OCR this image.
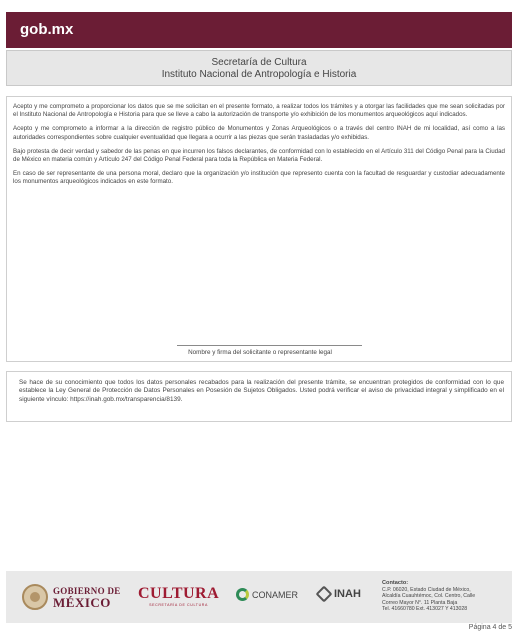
gob.mx
Secretaría de Cultura
Instituto Nacional de Antropología e Historia

Acepto y me comprometo a proporcionar los datos que se me solicitan en el presente formato, a realizar todos los trámites y a otorgar las facilidades que me sean solicitadas por el Instituto Nacional de Antropología e Historia para que se lleve a cabo la autorización de transporte y/o exhibición de los monumentos arqueológicos aquí indicados.

Acepto y me comprometo a informar a la dirección de registro público de Monumentos y Zonas Arqueológicos o a través del centro INAH de mi localidad, así como a las autoridades correspondientes sobre cualquier eventualidad que llegara a ocurrir a las piezas que serán trasladadas y/o exhibidas.

Bajo protesta de decir verdad y sabedor de las penas en que incurren los falsos declarantes, de conformidad con lo establecido en el Artículo 311 del Código Penal para la Ciudad de México en materia común y Artículo 247 del Código Penal Federal para toda la República en Materia Federal.

En caso de ser representante de una persona moral, declaro que la organización y/o institución que represento cuenta con la facultad de resguardar y custodiar adecuadamente los monumentos arqueológicos indicados en este formato.

Nombre y firma del solicitante o representante legal

Se hace de su conocimiento que todos los datos personales recabados para la realización del presente trámite, se encuentran protegidos de conformidad con lo que establece la Ley General de Protección de Datos Personales en Posesión de Sujetos Obligados. Usted podrá verificar el aviso de privacidad integral y simplificado en el siguiente vínculo: https://inah.gob.mx/transparencia/8139.

GOBIERNO DE
MÉXICO
CULTURA
SECRETARÍA DE CULTURA
CONAMER	INAH
Contacto:
C.P. 06020, Estado Ciudad de México,
Alcaldía Cuauhtémoc, Col. Centro, Calle
Correo Mayor N°. 11 Planta Baja
Tel. 41660780 Ext. 413027 Y 413028
Página 4 de 5
